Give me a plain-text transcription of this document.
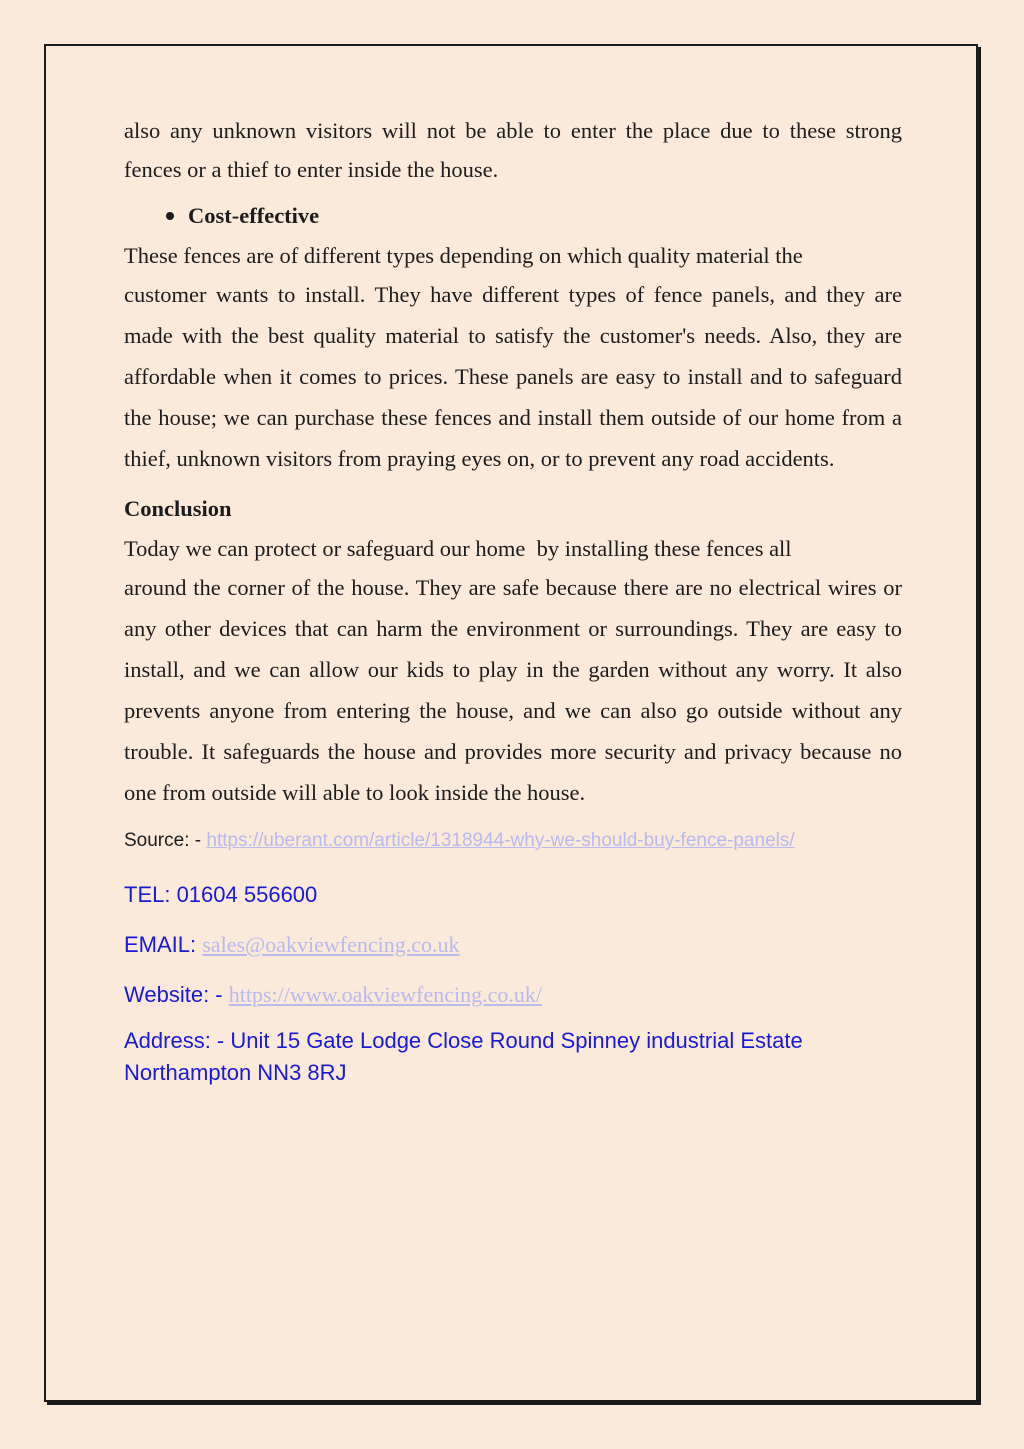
also any unknown visitors will not be able to enter the place due to these strong

fences or a thief to enter inside the house.

Cost-effective

These fences are of different types depending on which quality material the

customer wants to install. They have different types of fence panels, and they are made with the best quality material to satisfy the customer's needs. Also, they are affordable when it comes to prices. These panels are easy to install and to safeguard the house; we can purchase these fences and install them outside of our home from a thief, unknown visitors from praying eyes on, or to prevent any road accidents.

Conclusion

Today we can protect or safeguard our home  by installing these fences all

around the corner of the house. They are safe because there are no electrical wires or any other devices that can harm the environment or surroundings. They are easy to install, and we can allow our kids to play in the garden without any worry. It also prevents anyone from entering the house, and we can also go outside without any trouble. It safeguards the house and provides more security and privacy because no one from outside will able to look inside the house.

Source: - https://uberant.com/article/1318944-why-we-should-buy-fence-panels/

TEL: 01604 556600

EMAIL: sales@oakviewfencing.co.uk

Website: - https://www.oakviewfencing.co.uk/

Address: - Unit 15 Gate Lodge Close Round Spinney industrial Estate

Northampton NN3 8RJ
